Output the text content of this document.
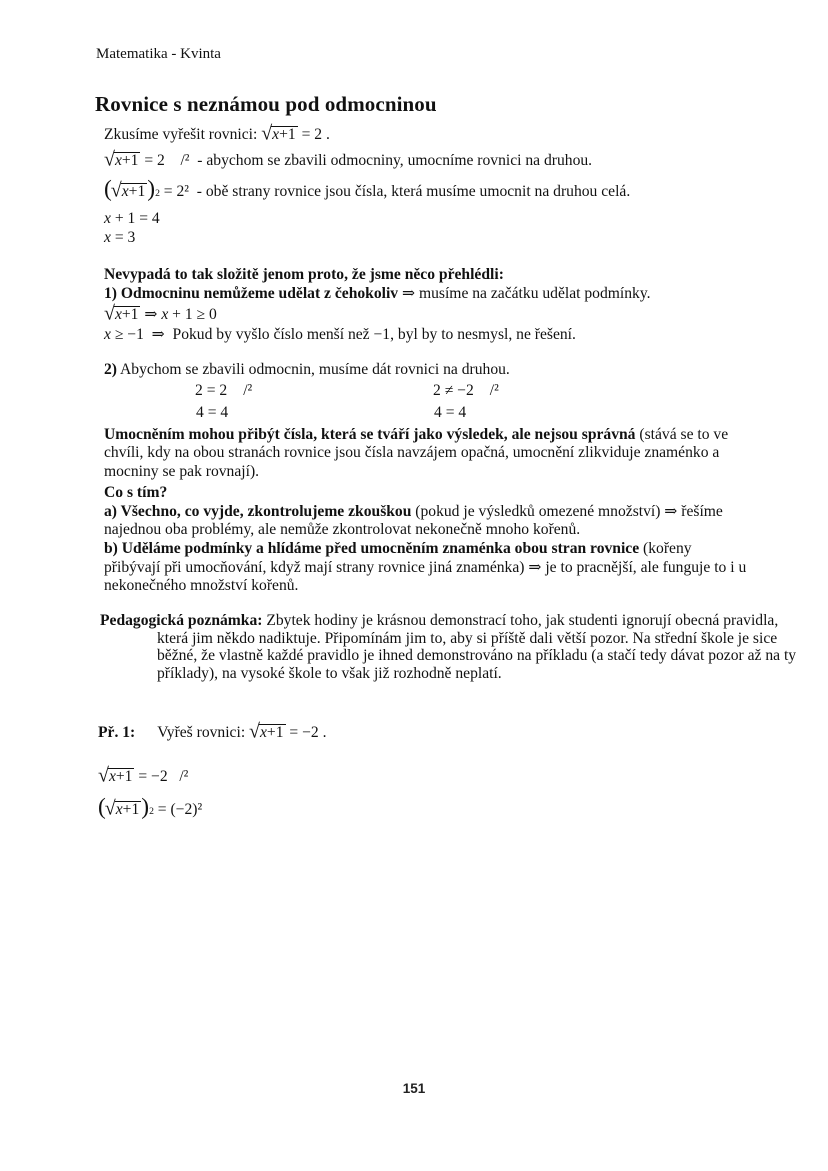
Matematika - Kvinta
Rovnice s neznámou pod odmocninou
Zkusíme vyřešit rovnici: √ x+1 = 2 .
√ x+1 = 2    /² - abychom se zbavili odmocniny, umocníme rovnici na druhou.
( √ x+1 ) 2 = 2² - obě strany rovnice jsou čísla, která musíme umocnit na druhou celá.
x + 1 = 4
x = 3
Nevypadá to tak složitě jenom proto, že jsme něco přehlédli:
1) Odmocninu nemůžeme udělat z čehokoliv ⇒ musíme na začátku udělat podmínky.
√ x+1 ⇒ x + 1 ≥ 0
x ≥ −1  ⇒ Pokud by vyšlo číslo menší než −1, byl by to nesmysl, ne řešení.
2) Abychom se zbavili odmocnin, musíme dát rovnici na druhou.
2 = 2 /²	2 ≠ −2 /²
4 = 4	4 = 4
Umocněním mohou přibýt čísla, která se tváří jako výsledek, ale nejsou správná (stává se to ve chvíli, kdy na obou stranách rovnice jsou čísla navzájem opačná, umocnění zlikviduje znaménko a mocniny se pak rovnají).
Co s tím?
a) Všechno, co vyjde, zkontrolujeme zkouškou (pokud je výsledků omezené množství) ⇒ řešíme najednou oba problémy, ale nemůže zkontrolovat nekonečně mnoho kořenů.
b) Uděláme podmínky a hlídáme před umocněním znaménka obou stran rovnice (kořeny přibývají při umocňování, když mají strany rovnice jiná znaménka) ⇒ je to pracnější, ale funguje to i u nekonečného množství kořenů.
Pedagogická poznámka: Zbytek hodiny je krásnou demonstrací toho, jak studenti ignorují obecná pravidla, která jim někdo nadiktuje. Připomínám jim to, aby si příště dali větší pozor. Na střední škole je sice běžné, že vlastně každé pravidlo je ihned demonstrováno na příkladu (a stačí tedy dávat pozor až na ty příklady), na vysoké škole to však již rozhodně neplatí.
Př. 1: Vyřeš rovnici: √ x+1 = −2 .
√ x+1 = −2   /²
( √ x+1 ) 2 = (−2)²
151
